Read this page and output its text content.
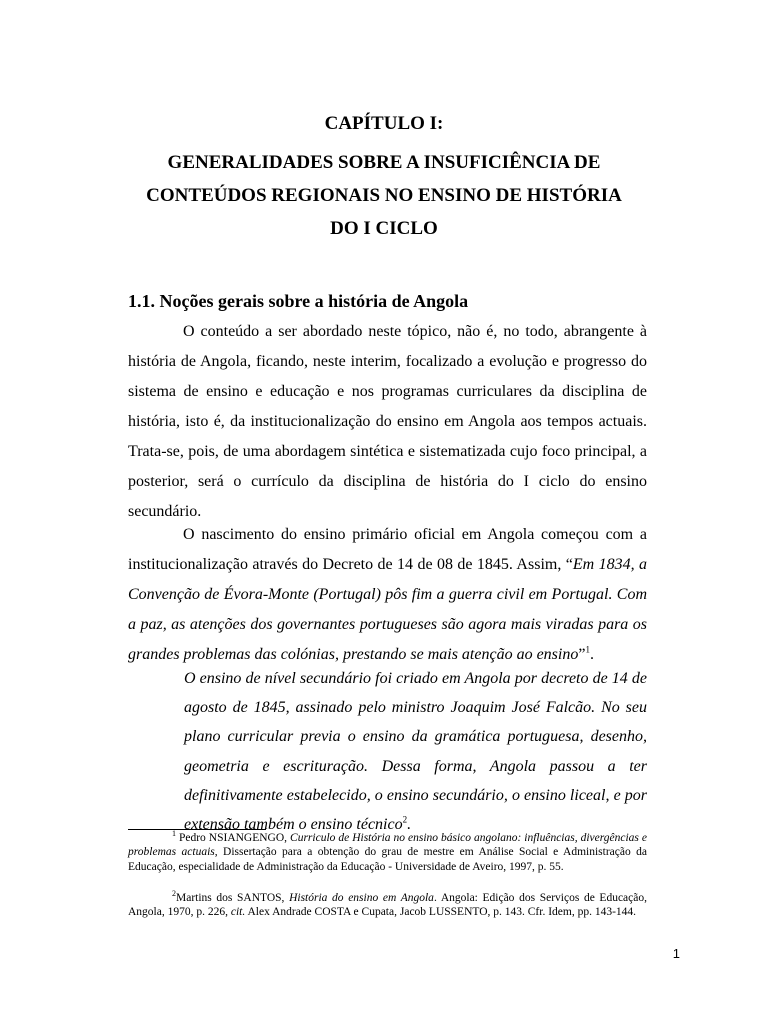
CAPÍTULO I:
GENERALIDADES SOBRE A INSUFICIÊNCIA DE
CONTEÚDOS REGIONAIS NO ENSINO DE HISTÓRIA
DO I CICLO
1.1. Noções gerais sobre a história de Angola

O conteúdo a ser abordado neste tópico, não é, no todo, abrangente à história de Angola, ficando, neste interim, focalizado a evolução e progresso do sistema de ensino e educação e nos programas curriculares da disciplina de história, isto é, da institucionalização do ensino em Angola aos tempos actuais. Trata-se, pois, de uma abordagem sintética e sistematizada cujo foco principal, a posterior, será o currículo da disciplina de história do I ciclo do ensino secundário.

O nascimento do ensino primário oficial em Angola começou com a institucionalização através do Decreto de 14 de 08 de 1845. Assim, “Em 1834, a Convenção de Évora-Monte (Portugal) pôs fim a guerra civil em Portugal. Com a paz, as atenções dos governantes portugueses são agora mais viradas para os grandes problemas das colónias, prestando se mais atenção ao ensino”$^1$.

O ensino de nível secundário foi criado em Angola por decreto de 14 de agosto de 1845, assinado pelo ministro Joaquim José Falcão. No seu plano curricular previa o ensino da gramática portuguesa, desenho, geometria e escrituração. Dessa forma, Angola passou a ter definitivamente estabelecido, o ensino secundário, o ensino liceal, e por extensão também o ensino técnico$^2$.

$^1$ Pedro NSIANGENGO, Curriculo de História no ensino básico angolano: influências, divergências e problemas actuais, Dissertação para a obtenção do grau de mestre em Análise Social e Administração da Educação, especialidade de Administração da Educação - Universidade de Aveiro, 1997, p. 55.

$^2$Martins dos SANTOS, História do ensino em Angola. Angola: Edição dos Serviços de Educação, Angola, 1970, p. 226, cit. Alex Andrade COSTA e Cupata, Jacob LUSSENTO, p. 143. Cfr. Idem, pp. 143-144.

1
